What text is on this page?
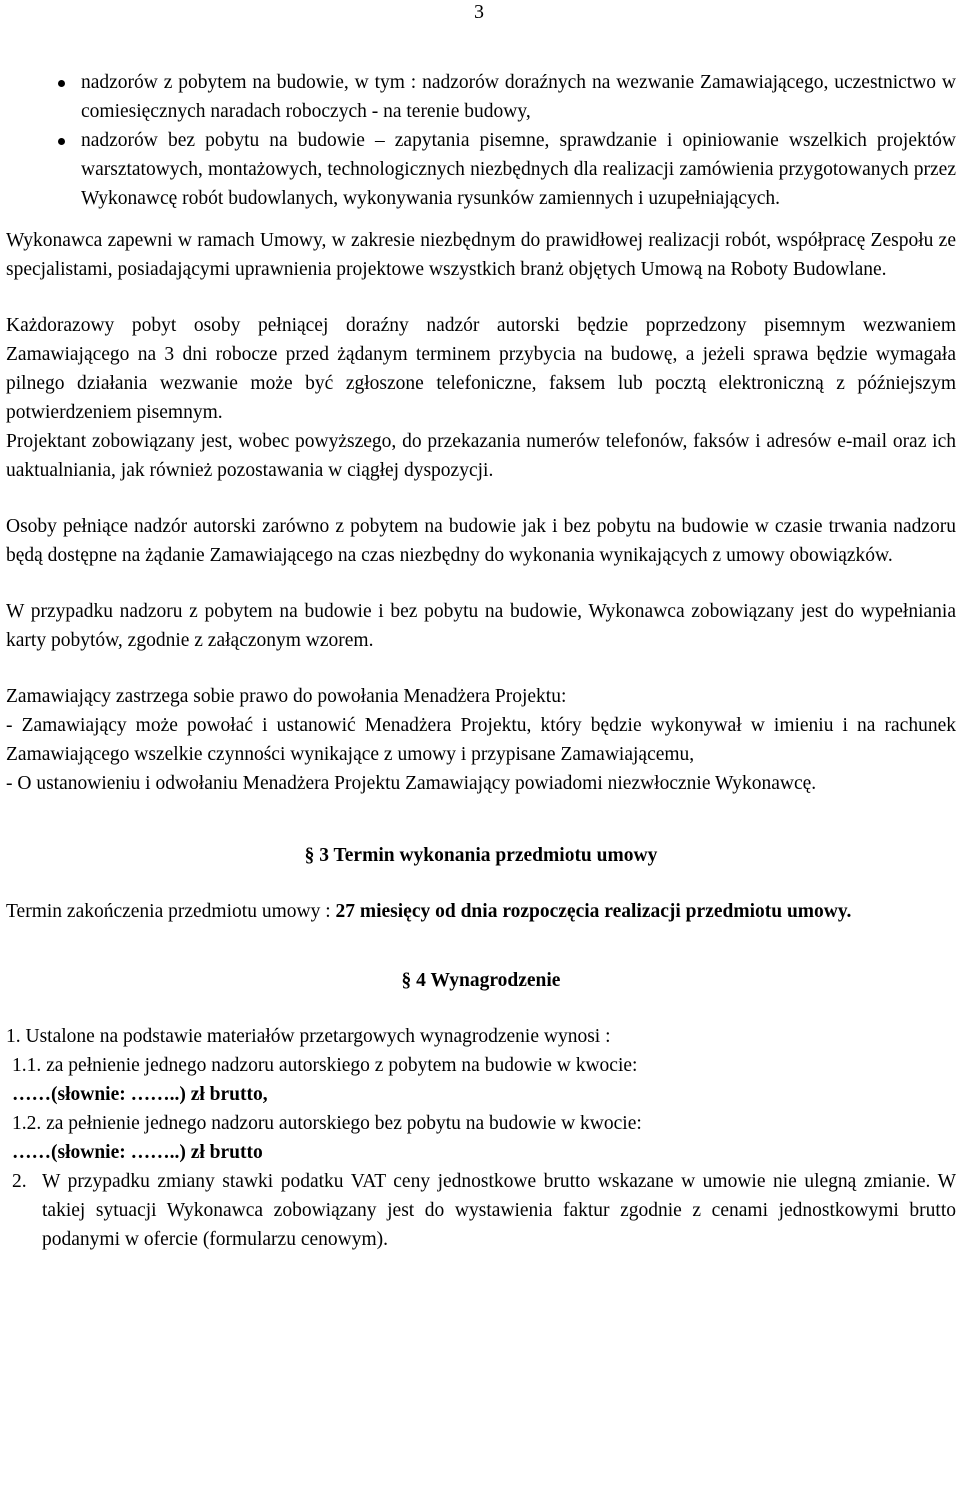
3
nadzorów z pobytem na budowie, w tym : nadzorów doraźnych na wezwanie Zamawiającego, uczestnictwo w comiesięcznych naradach roboczych - na terenie budowy,
nadzorów bez pobytu na budowie – zapytania pisemne, sprawdzanie i opiniowanie wszelkich projektów warsztatowych, montażowych, technologicznych niezbędnych dla realizacji zamówienia przygotowanych przez Wykonawcę robót budowlanych, wykonywania rysunków zamiennych i uzupełniających.

Wykonawca zapewni w ramach Umowy, w zakresie niezbędnym do prawidłowej realizacji robót, współpracę Zespołu ze specjalistami, posiadającymi uprawnienia projektowe wszystkich branż objętych Umową na Roboty Budowlane.

Każdorazowy pobyt osoby pełniącej doraźny nadzór autorski będzie poprzedzony pisemnym wezwaniem Zamawiającego na 3 dni robocze przed żądanym terminem przybycia na budowę, a jeżeli sprawa będzie wymagała pilnego działania wezwanie może być zgłoszone telefoniczne, faksem lub pocztą elektroniczną z późniejszym potwierdzeniem pisemnym.

Projektant zobowiązany jest, wobec powyższego, do przekazania numerów telefonów, faksów i adresów e-mail oraz ich uaktualniania, jak również pozostawania w ciągłej dyspozycji.

Osoby pełniące nadzór autorski zarówno z pobytem na budowie jak i bez pobytu na budowie w czasie trwania nadzoru będą dostępne na żądanie Zamawiającego na czas niezbędny do wykonania wynikających z umowy obowiązków.

W przypadku nadzoru z pobytem na budowie i bez pobytu na budowie, Wykonawca zobowiązany jest do wypełniania karty pobytów, zgodnie z załączonym wzorem.

Zamawiający zastrzega sobie prawo do powołania Menadżera Projektu:

- Zamawiający może powołać i ustanowić Menadżera Projektu, który będzie wykonywał w imieniu i na rachunek Zamawiającego wszelkie czynności wynikające z umowy i przypisane Zamawiającemu,

- O ustanowieniu i odwołaniu Menadżera Projektu Zamawiający powiadomi niezwłocznie Wykonawcę.

§ 3 Termin wykonania przedmiotu umowy

Termin zakończenia przedmiotu umowy : 27 miesięcy od dnia rozpoczęcia realizacji przedmiotu umowy.

§ 4 Wynagrodzenie
1. Ustalone na podstawie materiałów przetargowych wynagrodzenie wynosi :
1.1. za pełnienie jednego nadzoru autorskiego z pobytem na budowie w kwocie:
……(słownie: ……..) zł brutto,
1.2. za pełnienie jednego nadzoru autorskiego bez pobytu na budowie w kwocie:
……(słownie: ……..) zł brutto
2. W przypadku zmiany stawki podatku VAT ceny jednostkowe brutto wskazane w umowie nie ulegną zmianie. W takiej sytuacji Wykonawca zobowiązany jest do wystawienia faktur zgodnie z cenami jednostkowymi brutto podanymi w ofercie (formularzu cenowym).
